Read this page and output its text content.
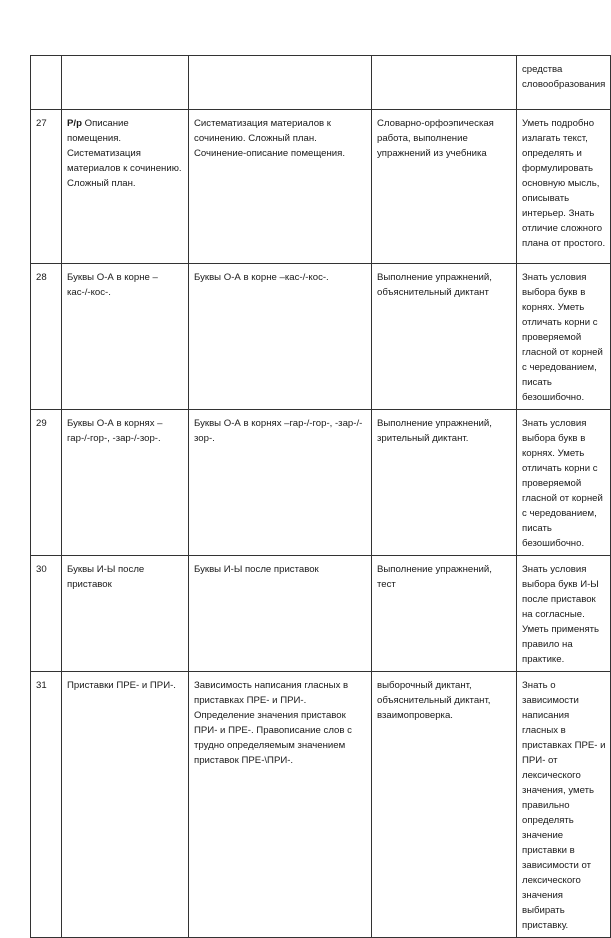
				средства словообразования
27	Р/р Описание помещения. Систематизация материалов к сочинению. Сложный план.	Систематизация материалов к сочинению. Сложный план. Сочинение-описание помещения.	Словарно-орфоэпическая работа, выполнение упражнений из учебника	Уметь подробно излагать текст, определять и формулировать основную мысль, описывать интерьер. Знать отличие сложного плана от простого.
28	Буквы О-А в корне – кас-/-кос-.	Буквы О-А в корне –кас-/-кос-.	Выполнение упражнений, объяснительный диктант	Знать условия выбора букв в корнях. Уметь отличать корни с проверяемой гласной от корней с чередованием, писать безошибочно.
29	Буквы О-А в корнях – гар-/-гор-, -зар-/-зор-.	Буквы О-А в корнях –гар-/-гор-, -зар-/-зор-.	Выполнение упражнений, зрительный диктант.	Знать условия выбора букв в корнях. Уметь отличать корни с проверяемой гласной от корней с чередованием, писать безошибочно.
30	Буквы И-Ы после приставок	Буквы И-Ы после приставок	Выполнение упражнений, тест	Знать условия выбора букв И-Ы после приставок на согласные. Уметь применять правило на практике.
31	Приставки ПРЕ- и ПРИ-.	Зависимость написания гласных в приставках ПРЕ- и ПРИ-. Определение значения приставок ПРИ- и ПРЕ-. Правописание слов с трудно определяемым значением приставок ПРЕ-\ПРИ-.	выборочный диктант, объяснительный диктант, взаимопроверка.	Знать о зависимости написания гласных в приставках ПРЕ- и ПРИ- от лексического значения, уметь правильно определять значение приставки в зависимости от лексического значения выбирать приставку.
